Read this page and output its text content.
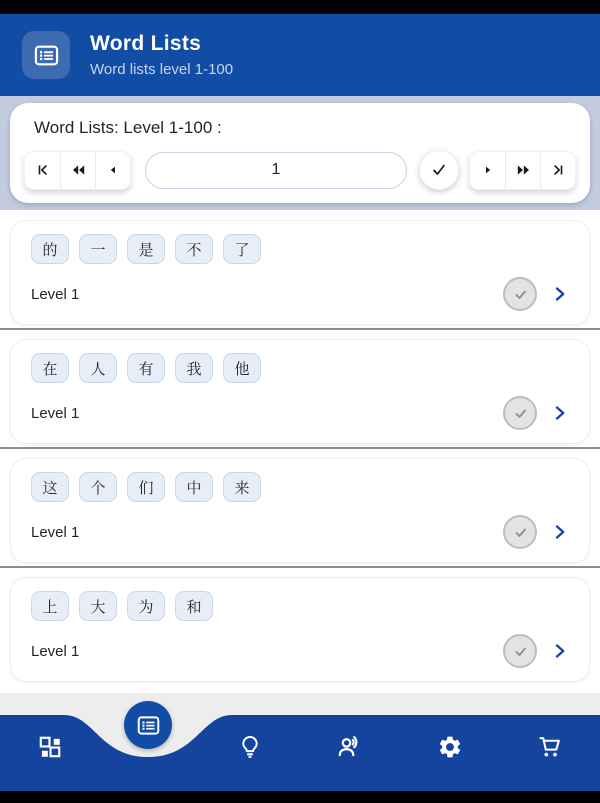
Word Lists
Word lists level 1-100
Word Lists: Level 1-100 :
1
的	一	是	不	了
Level 1
在	人	有	我	他
Level 1
这	个	们	中	来
Level 1
上	大	为	和
Level 1
